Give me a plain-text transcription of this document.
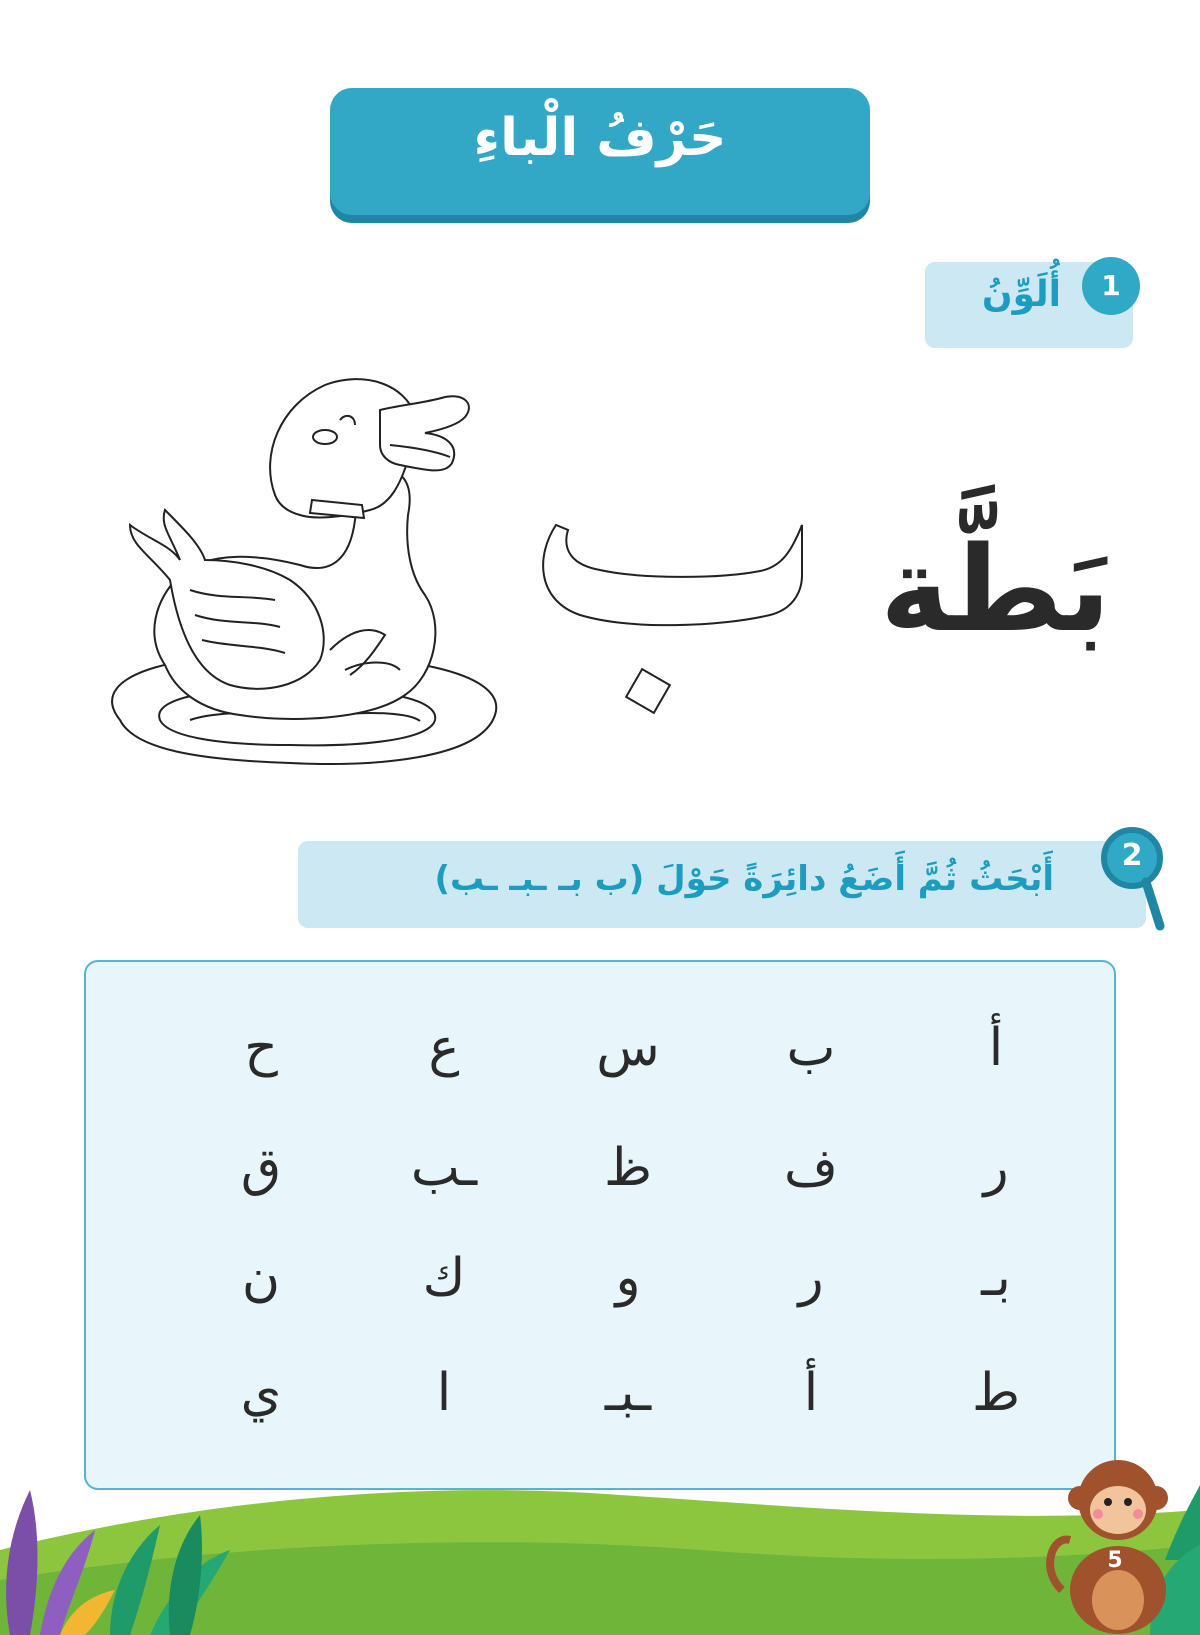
حَرْفُ الْباءِ
أُلَوِّنُ	1
بَطَّة
أَبْحَثُ ثُمَّ أَضَعُ دائِرَةً حَوْلَ (ب بـ ـبـ ـب)
2
أ
ب
س
ع
ح
ر
ف
ظ
ـب
ق
بـ
ر
و
ك
ن
ط
أ
ـبـ
ا
ي
5
